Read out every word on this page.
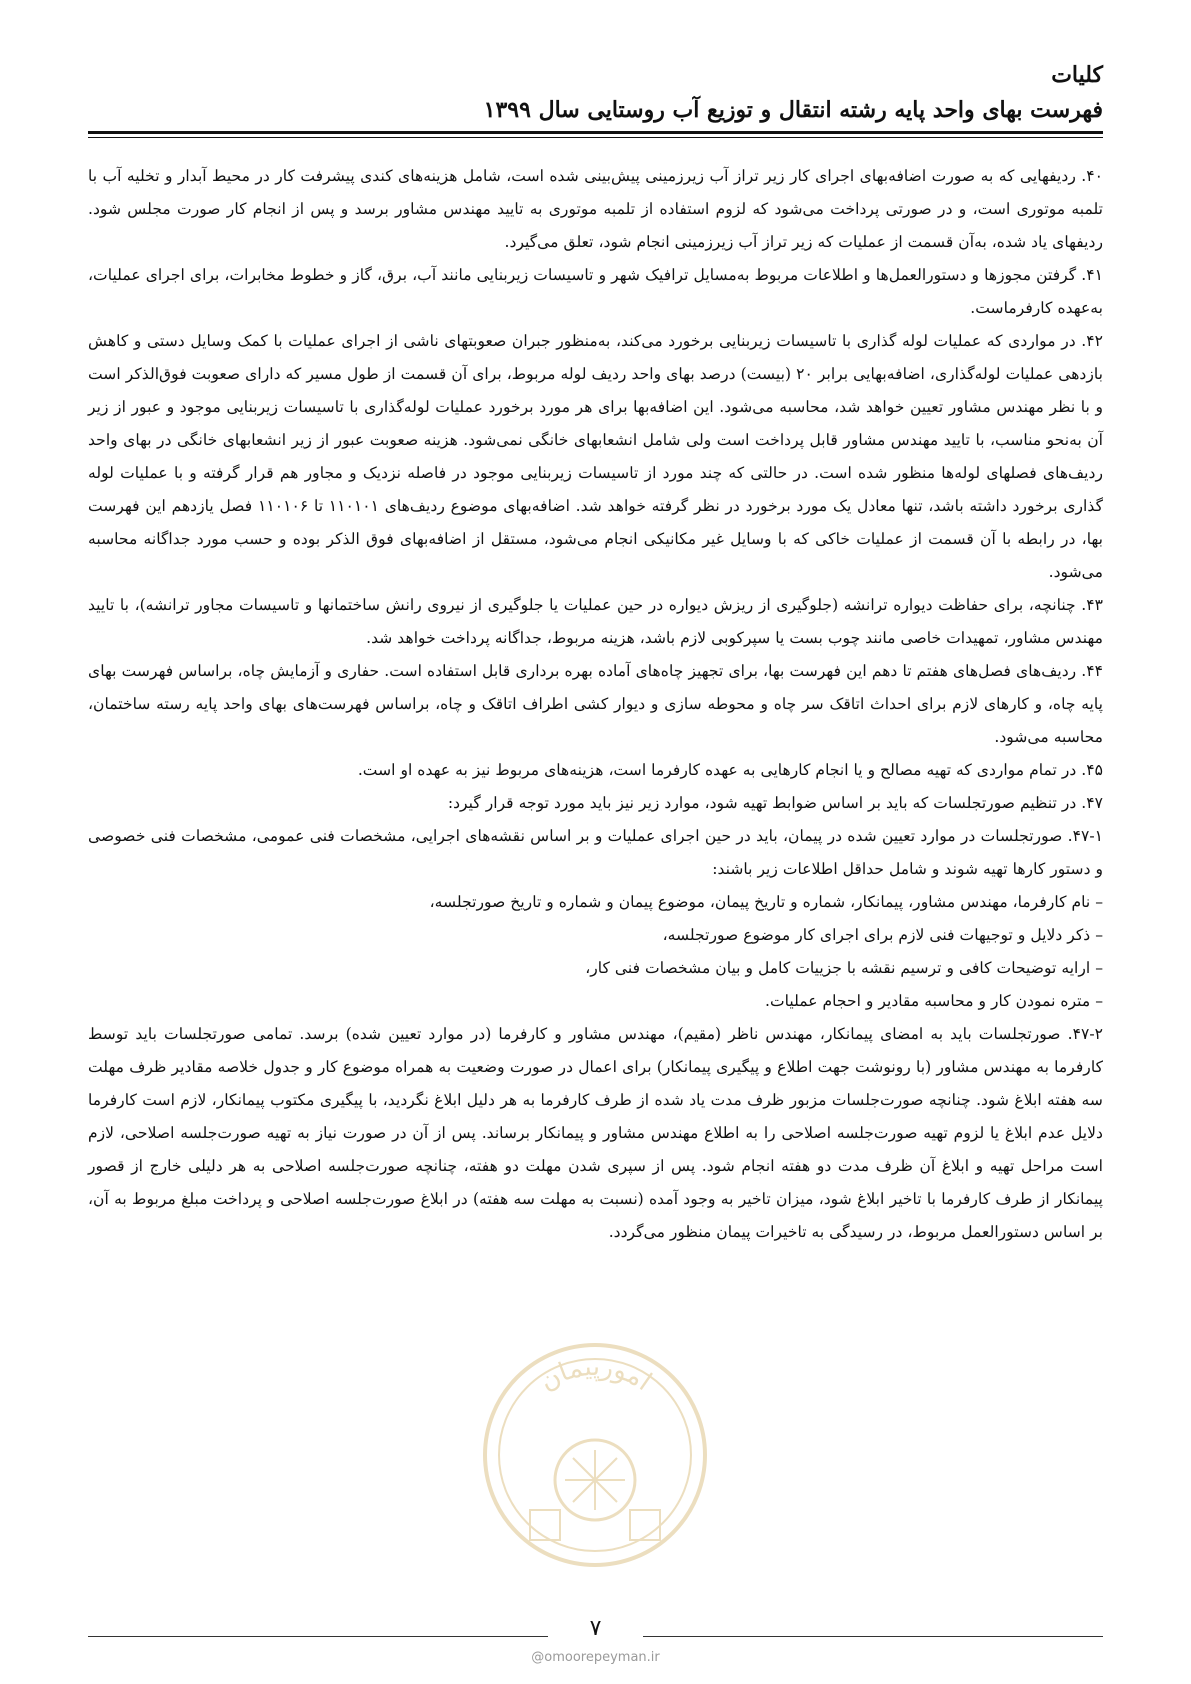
کلیات
فهرست بهای واحد پایه رشته انتقال و توزیع آب روستایی سال ۱۳۹۹

۴۰. ردیفهایی که به صورت اضافه‌بهای اجرای کار زیر تراز آب زیرزمینی پیش‌بینی شده است، شامل هزینه‌های کندی پیشرفت کار در محیط آبدار و تخلیه آب با تلمبه موتوری است، و در صورتی پرداخت می‌شود که لزوم استفاده از تلمبه موتوری به تایید مهندس مشاور برسد و پس از انجام کار صورت مجلس شود. ردیفهای یاد شده، به‌آن قسمت از عملیات که زیر تراز آب زیرزمینی انجام شود، تعلق می‌گیرد.

۴۱. گرفتن مجوزها و دستورالعمل‌ها و اطلاعات مربوط به‌مسایل ترافیک شهر و تاسیسات زیربنایی مانند آب، برق، گاز و خطوط مخابرات، برای اجرای عملیات، به‌عهده کارفرماست.

۴۲. در مواردی که عملیات لوله گذاری با تاسیسات زیربنایی برخورد می‌کند، به‌منظور جبران صعوبتهای ناشی از اجرای عملیات با کمک وسایل دستی و کاهش بازدهی عملیات لوله‌گذاری، اضافه‌بهایی برابر ۲۰ (بیست) درصد بهای واحد ردیف لوله مربوط، برای آن قسمت از طول مسیر که دارای صعوبت فوق‌الذکر است و با نظر مهندس مشاور تعیین خواهد شد، محاسبه می‌شود. این اضافه‌بها برای هر مورد برخورد عملیات لوله‌گذاری با تاسیسات زیربنایی موجود و عبور از زیر آن به‌نحو مناسب، با تایید مهندس مشاور قابل پرداخت است ولی شامل انشعابهای خانگی نمی‌شود. هزینه صعوبت عبور از زیر انشعابهای خانگی در بهای واحد ردیف‌های فصلهای لوله‌ها منظور شده است. در حالتی که چند مورد از تاسیسات زیربنایی موجود در فاصله نزدیک و مجاور هم قرار گرفته و با عملیات لوله گذاری برخورد داشته باشد، تنها معادل یک مورد برخورد در نظر گرفته خواهد شد. اضافه‌بهای موضوع ردیف‌های ۱۱۰۱۰۱ تا ۱۱۰۱۰۶ فصل یازدهم این فهرست بها، در رابطه با آن قسمت از عملیات خاکی که با وسایل غیر مکانیکی انجام می‌شود، مستقل از اضافه‌بهای فوق الذکر بوده و حسب مورد جداگانه محاسبه می‌شود.

۴۳. چنانچه، برای حفاظت دیواره ترانشه (جلوگیری از ریزش دیواره در حین عملیات یا جلوگیری از نیروی رانش ساختمانها و تاسیسات مجاور ترانشه)، با تایید مهندس مشاور، تمهیدات خاصی مانند چوب بست یا سپرکوبی لازم باشد، هزینه مربوط، جداگانه پرداخت خواهد شد.

۴۴. ردیف‌های فصل‌های هفتم تا دهم این فهرست بها، برای تجهیز چاه‌های آماده بهره برداری قابل استفاده است. حفاری و آزمایش چاه، براساس فهرست بهای پایه چاه، و کارهای لازم برای احداث اتاقک سر چاه و محوطه سازی و دیوار کشی اطراف اتاقک و چاه، براساس فهرست‌های بهای واحد پایه رسته ساختمان، محاسبه می‌شود.

۴۵. در تمام مواردی که تهیه مصالح و یا انجام کارهایی به عهده کارفرما است، هزینه‌های مربوط نیز به عهده او است.

۴۷. در تنظیم صورتجلسات که باید بر اساس ضوابط تهیه شود، موارد زیر نیز باید مورد توجه قرار گیرد:

۴۷-۱. صورتجلسات در موارد تعیین شده در پیمان، باید در حین اجرای عملیات و بر اساس نقشه‌های اجرایی، مشخصات فنی عمومی، مشخصات فنی خصوصی و دستور کارها تهیه شوند و شامل حداقل اطلاعات زیر باشند:

– نام کارفرما، مهندس مشاور، پیمانکار، شماره و تاریخ پیمان، موضوع پیمان و شماره و تاریخ صورتجلسه،

– ذکر دلایل و توجیهات فنی لازم برای اجرای کار موضوع صورتجلسه،

– ارایه توضیحات کافی و ترسیم نقشه با جزییات کامل و بیان مشخصات فنی کار،

– متره نمودن کار و محاسبه مقادیر و احجام عملیات.

۴۷-۲. صورتجلسات باید به امضای پیمانکار، مهندس ناظر (مقیم)، مهندس مشاور و کارفرما (در موارد تعیین شده) برسد. تمامی صورتجلسات باید توسط کارفرما به مهندس مشاور (با رونوشت جهت اطلاع و پیگیری پیمانکار) برای اعمال در صورت وضعیت به همراه موضوع کار و جدول خلاصه مقادیر ظرف مهلت سه هفته ابلاغ شود. چنانچه صورت‌جلسات مزبور ظرف مدت یاد شده از طرف کارفرما به هر دلیل ابلاغ نگردید، با پیگیری مکتوب پیمانکار، لازم است کارفرما دلایل عدم ابلاغ یا لزوم تهیه صورت‌جلسه اصلاحی را به اطلاع مهندس مشاور و پیمانکار برساند. پس از آن در صورت نیاز به تهیه صورت‌جلسه اصلاحی، لازم است مراحل تهیه و ابلاغ آن ظرف مدت دو هفته انجام شود. پس از سپری شدن مهلت دو هفته، چنانچه صورت‌جلسه اصلاحی به هر دلیلی خارج از قصور پیمانکار از طرف کارفرما با تاخیر ابلاغ شود، میزان تاخیر به وجود آمده (نسبت به مهلت سه هفته) در ابلاغ صورت‌جلسه اصلاحی و پرداخت مبلغ مربوط به آن، بر اساس دستورالعمل مربوط، در رسیدگی به تاخیرات پیمان منظور می‌گردد.

امورپیمان
۷
@omoorepeyman.ir
